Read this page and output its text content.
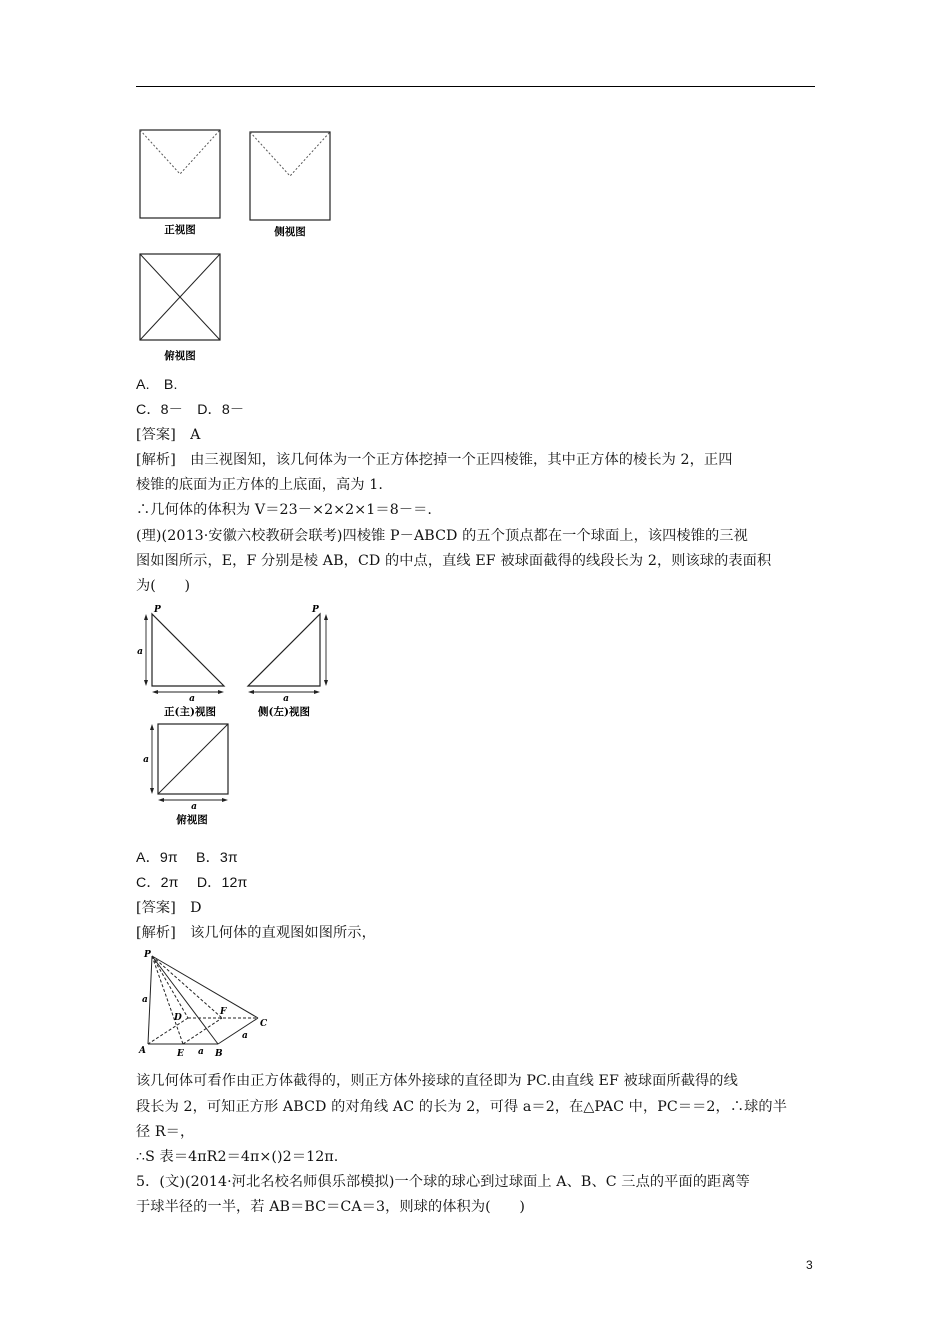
正视图	侧视图
俯视图
A.　B.
C．8－　D．8－
[答案]　A
[解析]　由三视图知，该几何体为一个正方体挖掉一个正四棱锥，其中正方体的棱长为 2，正四
棱锥的底面为正方体的上底面，高为 1.
∴几何体的体积为 V＝23－×2×2×1＝8－＝.
(理)(2013·安徽六校教研会联考)四棱锥 P－ABCD 的五个顶点都在一个球面上，该四棱锥的三视
图如图所示，E，F 分别是棱 AB，CD 的中点，直线 EF 被球面截得的线段长为 2，则该球的表面积
为(　　)
P
a
a
正(主)视图
P
a
侧(左)视图
a
a
俯视图
A．9π　 B．3π
C．2π　 D．12π
[答案]　D
[解析]　该几何体的直观图如图所示，
P
A	B
C
D
E
F
a
a
a
该几何体可看作由正方体截得的，则正方体外接球的直径即为 PC.由直线 EF 被球面所截得的线
段长为 2，可知正方形 ABCD 的对角线 AC 的长为 2，可得 a＝2，在△PAC 中，PC＝＝2，∴球的半
径 R＝，
∴S 表＝4πR2＝4π×()2＝12π.
5．(文)(2014·河北名校名师俱乐部模拟)一个球的球心到过球面上 A、B、C 三点的平面的距离等
于球半径的一半，若 AB＝BC＝CA＝3，则球的体积为(　　)
3
